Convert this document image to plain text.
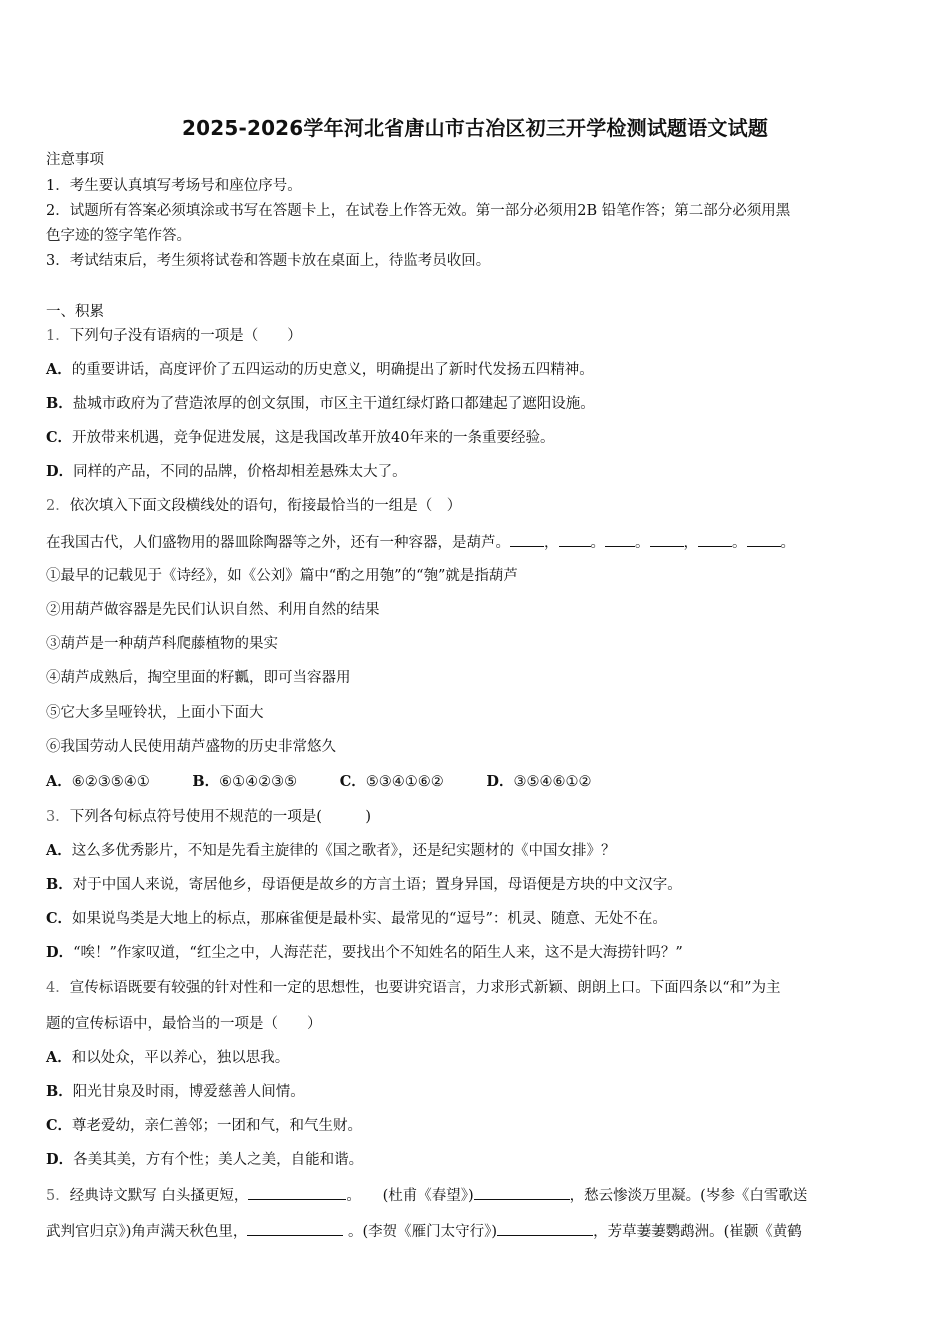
2025-2026学年河北省唐山市古冶区初三开学检测试题语文试题
注意事项
1．考生要认真填写考场号和座位序号。
2．试题所有答案必须填涂或书写在答题卡上，在试卷上作答无效。第一部分必须用2B 铅笔作答；第二部分必须用黑
色字迹的签字笔作答。
3．考试结束后，考生须将试卷和答题卡放在桌面上，待监考员收回。
一、积累
1．下列句子没有语病的一项是（　　）
A．的重要讲话，高度评价了五四运动的历史意义，明确提出了新时代发扬五四精神。
B．盐城市政府为了营造浓厚的创文氛围，市区主干道红绿灯路口都建起了遮阳设施。
C．开放带来机遇，竞争促进发展，这是我国改革开放40年来的一条重要经验。
D．同样的产品，不同的品牌，价格却相差悬殊太大了。
2．依次填入下面文段横线处的语句，衔接最恰当的一组是（　）
在我国古代，人们盛物用的器皿除陶器等之外，还有一种容器，是葫芦。 ， 。 。 ， 。 。
①最早的记载见于《诗经》，如《公刘》篇中“酌之用匏”的“匏”就是指葫芦
②用葫芦做容器是先民们认识自然、利用自然的结果
③葫芦是一种葫芦科爬藤植物的果实
④葫芦成熟后，掏空里面的籽瓤，即可当容器用
⑤它大多呈哑铃状，上面小下面大
⑥我国劳动人民使用葫芦盛物的历史非常悠久
A．⑥②③⑤④①	B．⑥①④②③⑤	C．⑤③④①⑥②	D．③⑤④⑥①②
3．下列各句标点符号使用不规范的一项是(　　　)
A．这么多优秀影片，不知是先看主旋律的《国之歌者》，还是纪实题材的《中国女排》？
B．对于中国人来说，寄居他乡，母语便是故乡的方言土语；置身异国，母语便是方块的中文汉字。
C．如果说鸟类是大地上的标点，那麻雀便是最朴实、最常见的“逗号”：机灵、随意、无处不在。
D．“唉！”作家叹道，“红尘之中，人海茫茫，要找出个不知姓名的陌生人来，这不是大海捞针吗？”
4．宣传标语既要有较强的针对性和一定的思想性，也要讲究语言，力求形式新颖、朗朗上口。下面四条以“和”为主
题的宣传标语中，最恰当的一项是（　　）
A．和以处众，平以养心，独以思我。
B．阳光甘泉及时雨，博爱慈善人间情。
C．尊老爱幼，亲仁善邻；一团和气，和气生财。
D．各美其美，方有个性；美人之美，自能和谐。
5．经典诗文默写 白头搔更短，	。　　(杜甫《春望》)	，愁云惨淡万里凝。(岑参《白雪歌送
武判官归京》)角声满天秋色里，	。(李贺《雁门太守行》)	，芳草萋萋鹦鹉洲。(崔颢《黄鹤
